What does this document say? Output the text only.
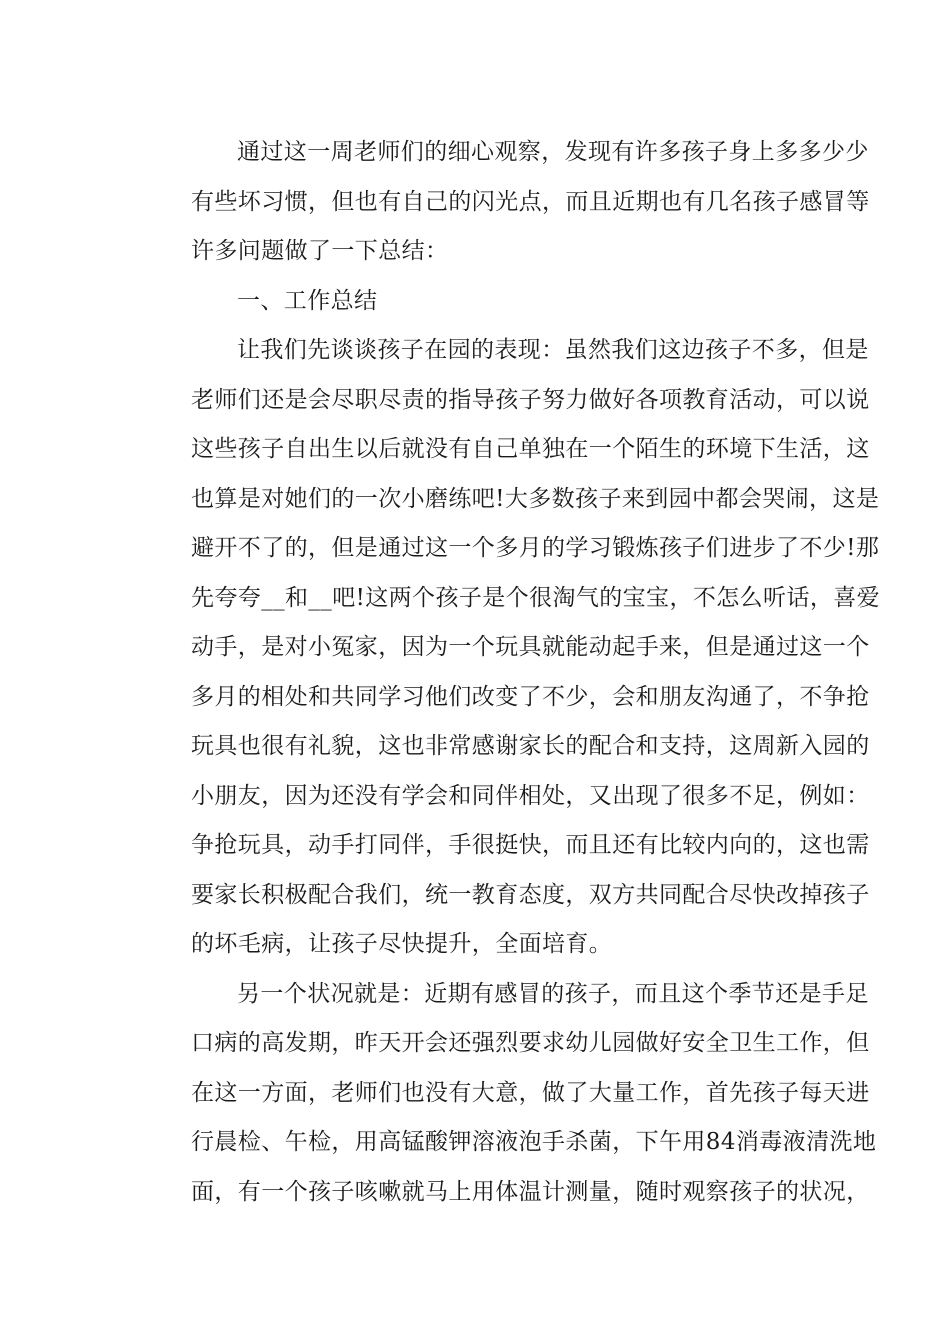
通过这一周老师们的细心观察，发现有许多孩子身上多多少少
有些坏习惯，但也有自己的闪光点，而且近期也有几名孩子感冒等
许多问题做了一下总结：
一、工作总结
让我们先谈谈孩子在园的表现：虽然我们这边孩子不多，但是
老师们还是会尽职尽责的指导孩子努力做好各项教育活动，可以说
这些孩子自出生以后就没有自己单独在一个陌生的环境下生活，这
也算是对她们的一次小磨练吧!大多数孩子来到园中都会哭闹，这是
避开不了的，但是通过这一个多月的学习锻炼孩子们进步了不少!那
先夸夸__和__吧!这两个孩子是个很淘气的宝宝，不怎么听话，喜爱
动手，是对小冤家，因为一个玩具就能动起手来，但是通过这一个
多月的相处和共同学习他们改变了不少，会和朋友沟通了，不争抢
玩具也很有礼貌，这也非常感谢家长的配合和支持，这周新入园的
小朋友，因为还没有学会和同伴相处，又出现了很多不足，例如：
争抢玩具，动手打同伴，手很挺快，而且还有比较内向的，这也需
要家长积极配合我们，统一教育态度，双方共同配合尽快改掉孩子
的坏毛病，让孩子尽快提升，全面培育。
另一个状况就是：近期有感冒的孩子，而且这个季节还是手足
口病的高发期，昨天开会还强烈要求幼儿园做好安全卫生工作，但
在这一方面，老师们也没有大意，做了大量工作，首先孩子每天进
行晨检、午检，用高锰酸钾溶液泡手杀菌，下午用84消毒液清洗地
面，有一个孩子咳嗽就马上用体温计测量，随时观察孩子的状况，
